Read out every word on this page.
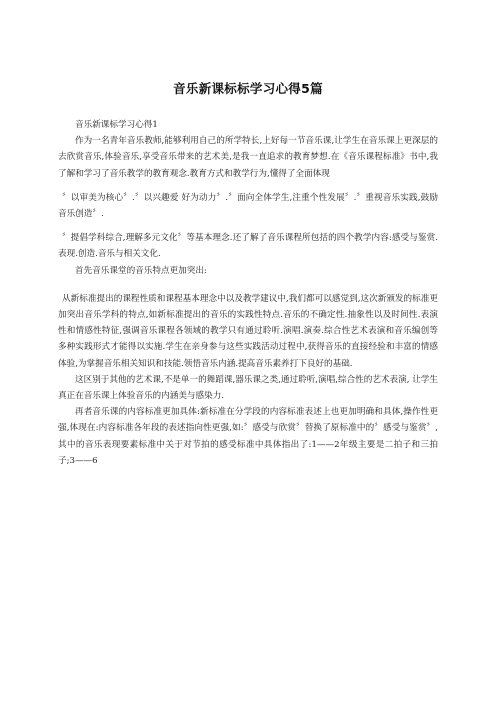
音乐新课标标学习心得5篇

音乐新课标学习心得1

作为一名青年音乐教师,能够利用自己的所学特长,上好每一节音乐课,让学生在音乐课上更深层的去欣赏音乐,体验音乐,享受音乐带来的艺术美,是我一直追求的教育梦想.在《音乐课程标准》书中,我了解和学习了音乐教学的教育观念.教育方式和教学行为,懂得了全面体现

〞以审美为核心〞.〞以兴趣爱 好为动力〞.〞面向全体学生,注重个性发展〞.〞重视音乐实践,鼓励音乐创造〞.

〞提倡学科综合,理解多元文化〞等基本理念.还了解了音乐课程所包括的四个教学内容:感受与鉴赏.表现.创造.音乐与相关文化.

首先音乐课堂的音乐特点更加突出:

从新标准提出的课程性质和课程基本理念中以及教学建议中,我们都可以感觉到,这次新颁发的标准更加突出音乐学科的特点,如新标准提出的音乐的实践性特点.音乐的不确定性.抽象性以及时间性.表演性和情感性特征,强调音乐课程各领域的教学只有通过聆听.演唱.演奏.综合性艺术表演和音乐编创等多种实践形式才能得以实施.学生在亲身参与这些实践活动过程中,获得音乐的直接经验和丰富的情感体验,为掌握音乐相关知识和技能.领悟音乐内涵.提高音乐素养打下良好的基础.

这区别于其他的艺术课,不是单一的舞蹈课,器乐课之类,通过聆听,演唱,综合性的艺术表演, 让学生真正在音乐课上体验音乐的内涵美与感染力.

再者音乐课的内容标准更加具体:新标准在分学段的内容标准表述上也更加明确和具体,操作性更强,体现在:内容标准各年段的表述指向性更强,如:〞感受与欣赏〞替换了原标准中的〞感受与鉴赏〞,其中的音乐表现要素标准中关于对节拍的感受标准中具体指出了:1——2年级主要是二拍子和三拍子;3——6
